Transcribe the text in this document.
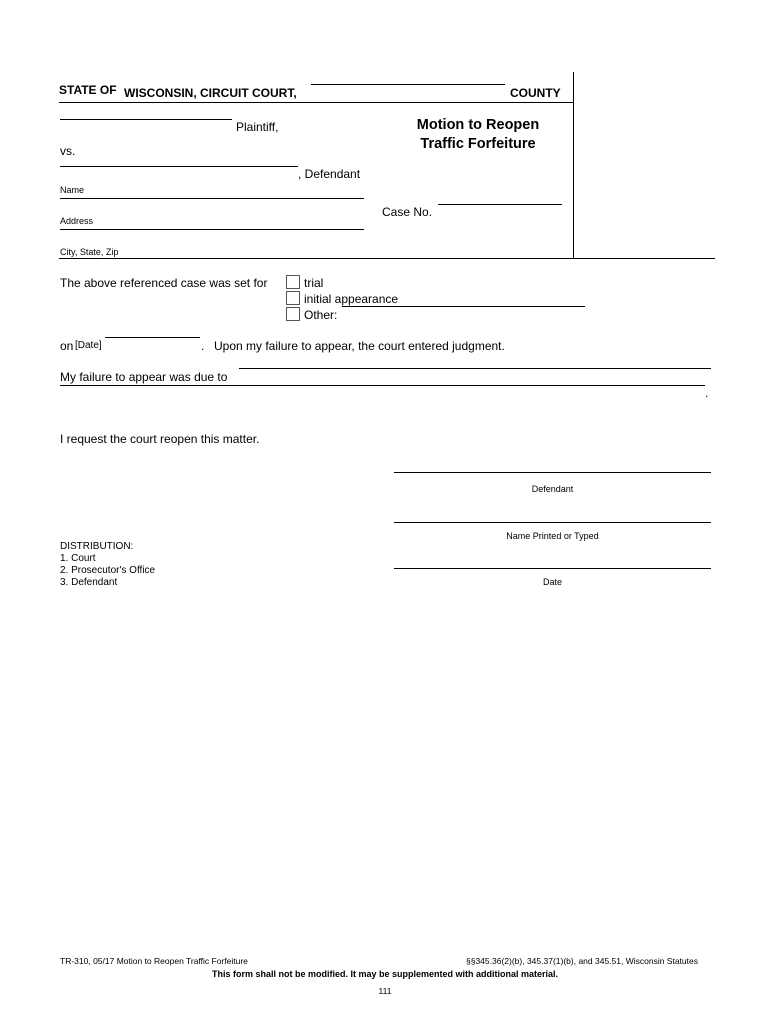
STATE OF WISCONSIN, CIRCUIT COURT,	COUNTY
Plaintiff,
vs.
, Defendant
Name
Address
City, State, Zip
Motion to Reopen
Traffic Forfeiture
Case No.
The above referenced case was set for	trial
initial appearance
Other:
on [Date]	. Upon my failure to appear, the court entered judgment.
My failure to appear was due to
.
I request the court reopen this matter.
Defendant
Name Printed or Typed
Date
DISTRIBUTION:
1. Court
2. Prosecutor's Office
3. Defendant
TR-310, 05/17 Motion to Reopen Traffic Forfeiture	§§345.36(2)(b), 345.37(1)(b), and 345.51, Wisconsin Statutes
This form shall not be modified. It may be supplemented with additional material.
111
